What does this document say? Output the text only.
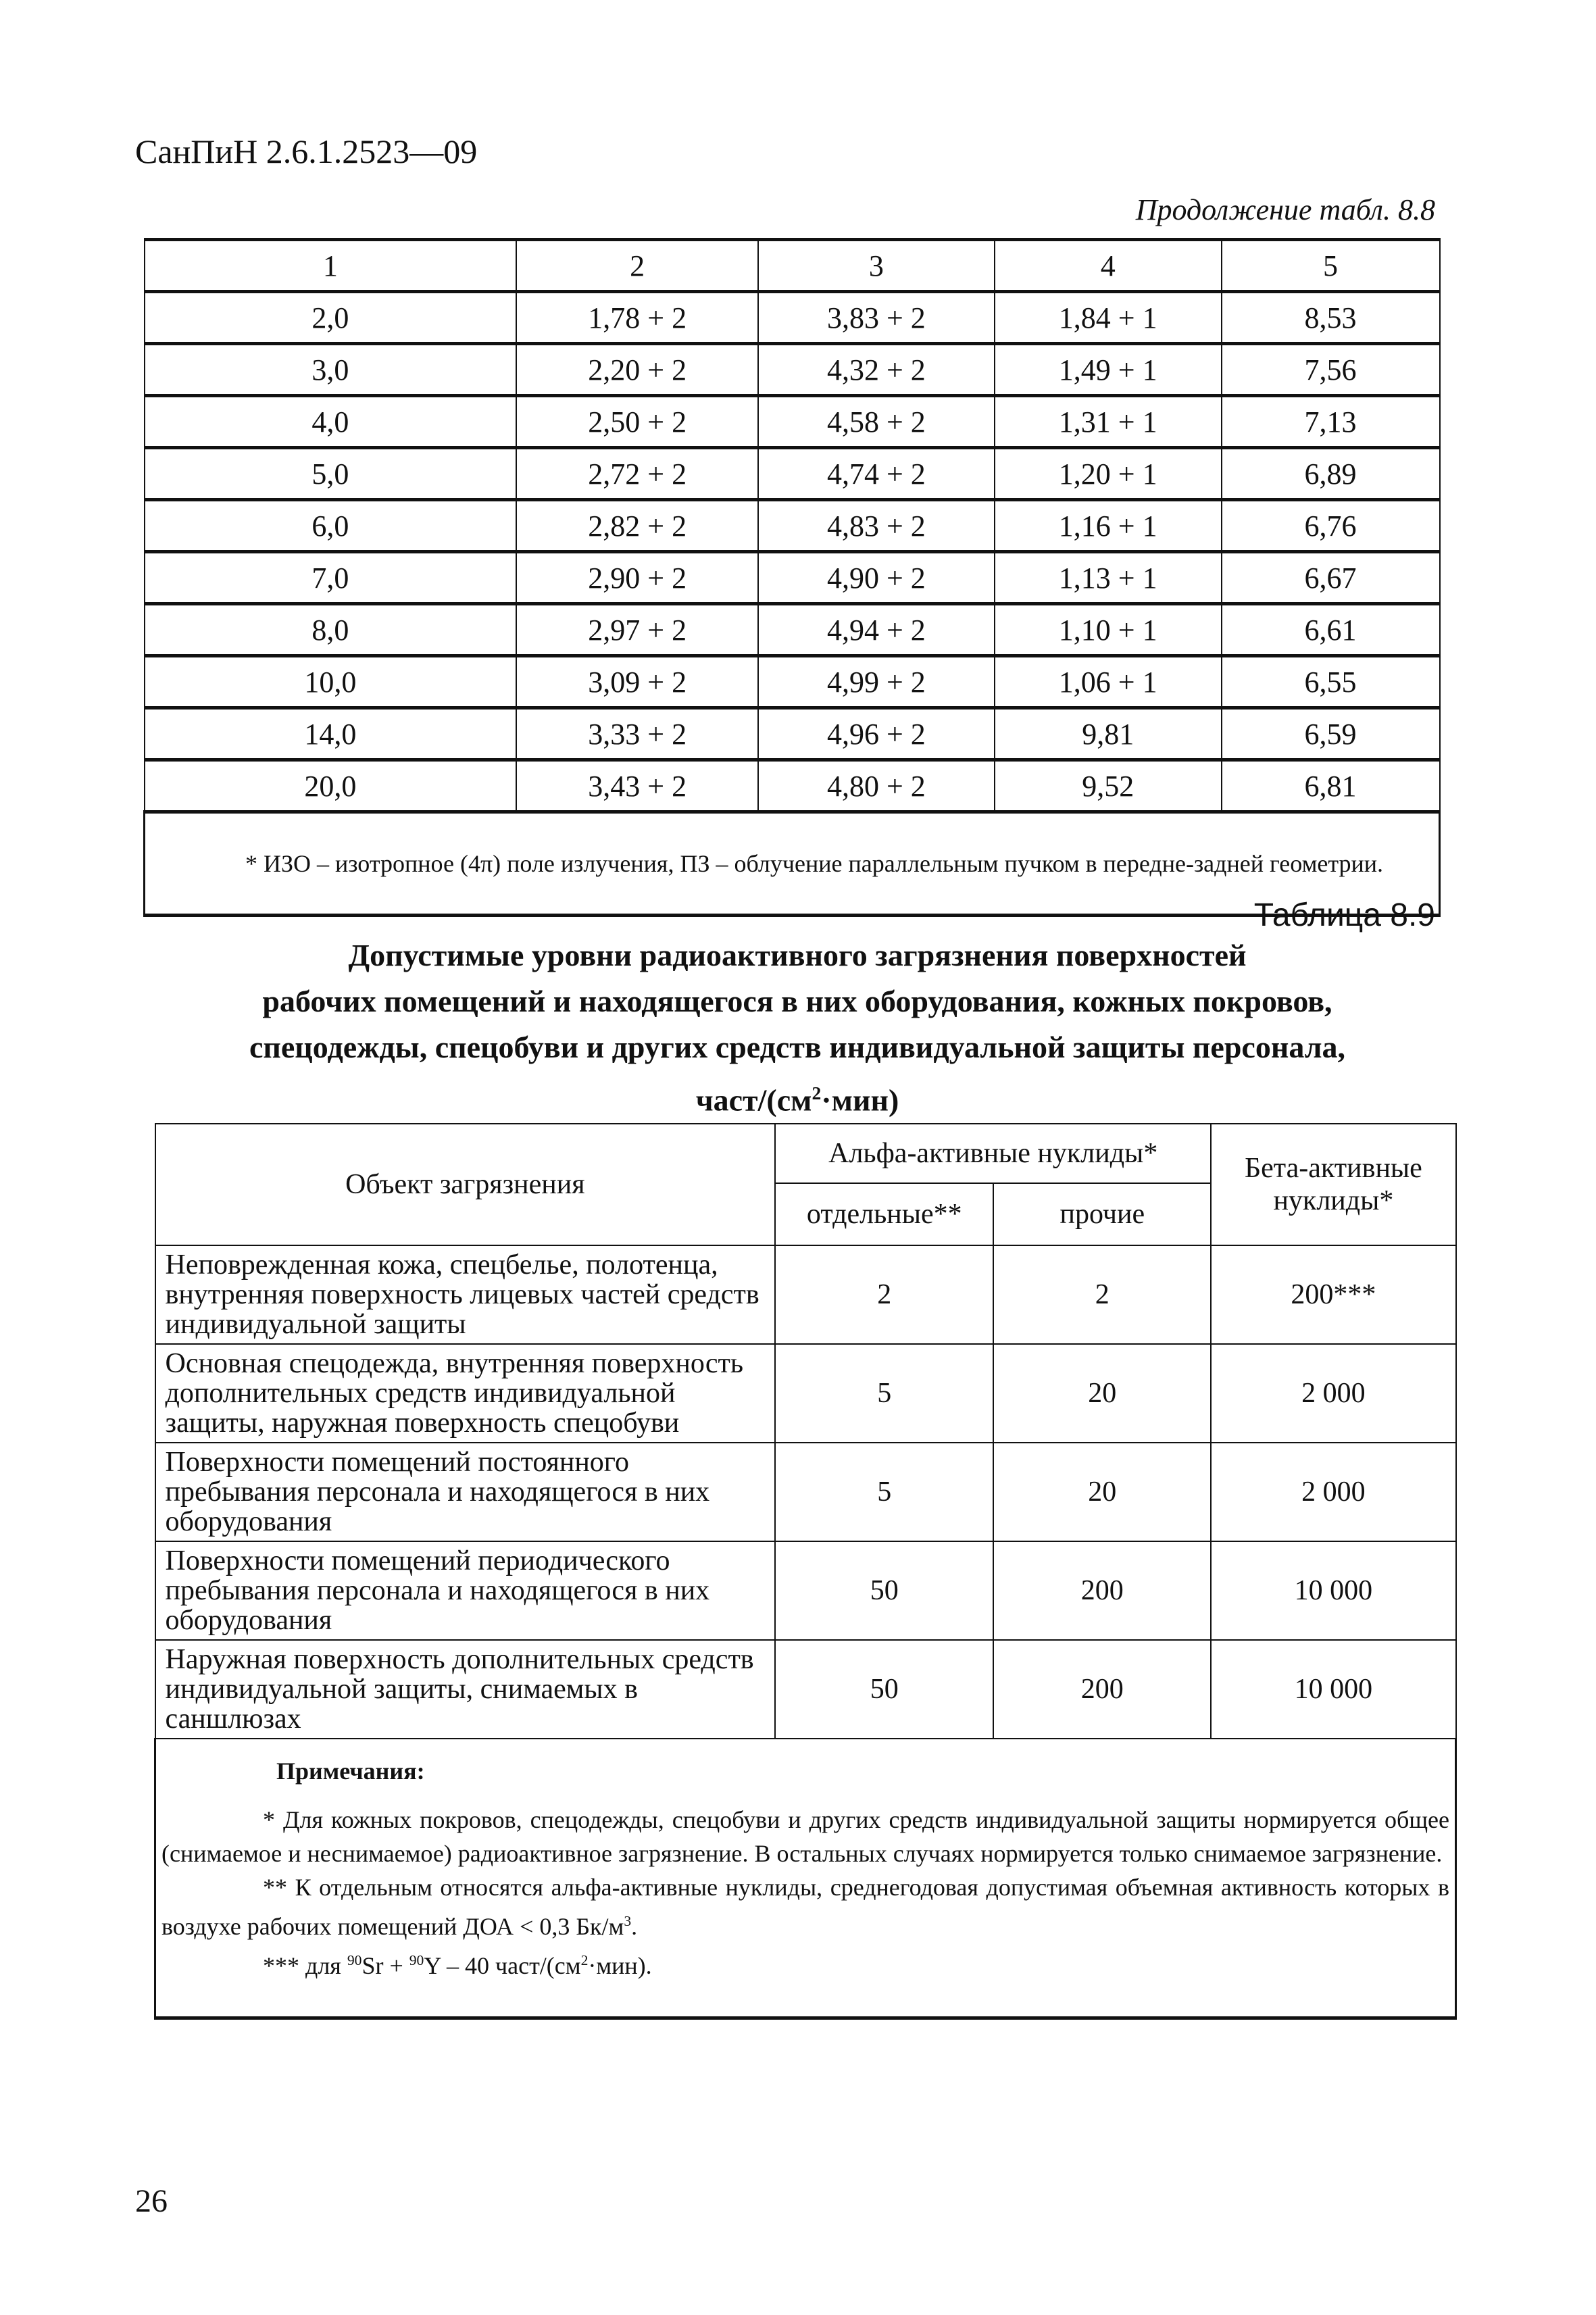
СанПиН 2.6.1.2523—09
Продолжение табл. 8.8
1	2	3	4	5
2,0	1,78 + 2	3,83 + 2	1,84 + 1	8,53
3,0	2,20 + 2	4,32 + 2	1,49 + 1	7,56
4,0	2,50 + 2	4,58 + 2	1,31 + 1	7,13
5,0	2,72 + 2	4,74 + 2	1,20 + 1	6,89
6,0	2,82 + 2	4,83 + 2	1,16 + 1	6,76
7,0	2,90 + 2	4,90 + 2	1,13 + 1	6,67
8,0	2,97 + 2	4,94 + 2	1,10 + 1	6,61
10,0	3,09 + 2	4,99 + 2	1,06 + 1	6,55
14,0	3,33 + 2	4,96 + 2	9,81	6,59
20,0	3,43 + 2	4,80 + 2	9,52	6,81
* ИЗО – изотропное (4π) поле излучения, ПЗ – облучение параллельным пучком в передне-задней геометрии.				
Таблица 8.9
Допустимые уровни радиоактивного загрязнения поверхностей
рабочих помещений и находящегося в них оборудования, кожных покровов,
спецодежды, спецобуви и других средств индивидуальной защиты персонала,
част/$(см^2\cdot мин)$
Объект загрязнения	Альфа-активные нуклиды*		Бета-активные нуклиды*
	отдельные**	прочие	
Неповрежденная кожа, спецбелье, полотенца, внутренняя поверхность лицевых частей средств индивидуальной защиты	2	2	200***
Основная спецодежда, внутренняя поверхность дополнительных средств индивидуальной защиты, наружная поверхность спецобуви	5	20	2 000
Поверхности помещений постоянного пребывания персонала и находящегося в них оборудования	5	20	2 000
Поверхности помещений периодического пребывания персонала и находящегося в них оборудования	50	200	10 000
Наружная поверхность дополнительных средств индивидуальной защиты, снимаемых в саншлюзах	50	200	10 000

Примечания:
* Для кожных покровов, спецодежды, спецобуви и других средств индивидуальной защиты нормируется общее (снимаемое и неснимаемое) радиоактивное загрязнение. В остальных случаях нормируется только снимаемое загрязнение.
** К отдельным относятся альфа-активные нуклиды, среднегодовая допустимая объемная активность которых в воздухе рабочих помещений ДОА < 0,3 $Бк/м^3$.
*** для $^{90}$Sr + $^{90}$Y – 40 част/$(см^2\cdot мин)$.			
26
